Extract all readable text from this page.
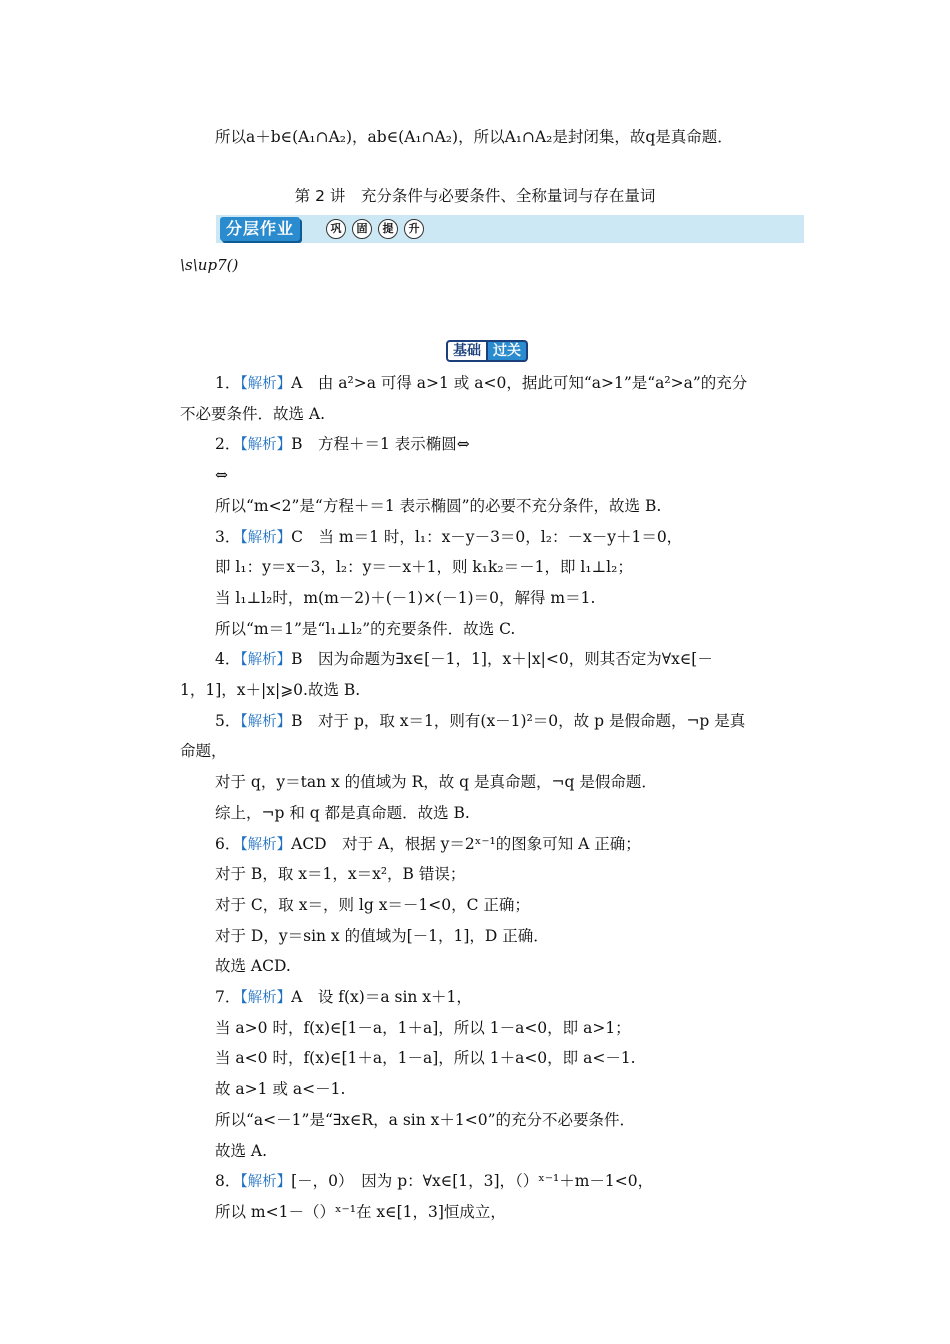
所以a＋b∈(A₁∩A₂)，ab∈(A₁∩A₂)，所以A₁∩A₂是封闭集，故q是真命题．
第 2 讲　充分条件与必要条件、全称量词与存在量词
分层作业	巩	固	提	升
\s\up7()
基础 过关
1．【解析】A　由 a²>a 可得 a>1 或 a<0，据此可知“a>1”是“a²>a”的充分
不必要条件．故选 A.
2．【解析】B　方程＋＝1 表示椭圆⇔
⇔
所以“m<2”是“方程＋＝1 表示椭圆”的必要不充分条件，故选 B.
3．【解析】C　当 m＝1 时，l₁：x－y－3＝0，l₂：－x－y＋1＝0，
即 l₁：y＝x－3，l₂：y＝－x＋1，则 k₁k₂＝－1，即 l₁⊥l₂；
当 l₁⊥l₂时，m(m－2)＋(－1)×(－1)＝0，解得 m＝1.
所以“m＝1”是“l₁⊥l₂”的充要条件．故选 C.
4．【解析】B　因为命题为∃x∈[－1，1]，x＋|x|<0，则其否定为∀x∈[－
1，1]，x＋|x|⩾0.故选 B.
5．【解析】B　对于 p，取 x＝1，则有(x－1)²＝0，故 p 是假命题，¬p 是真
命题，
对于 q，y＝tan x 的值域为 R，故 q 是真命题，¬q 是假命题．
综上，¬p 和 q 都是真命题．故选 B.
6．【解析】ACD　对于 A，根据 y＝2ˣ⁻¹的图象可知 A 正确；
对于 B，取 x＝1，x＝x²，B 错误；
对于 C，取 x＝，则 lg x＝－1<0，C 正确；
对于 D，y＝sin x 的值域为[－1，1]，D 正确．
故选 ACD.
7．【解析】A　设 f(x)＝a sin x＋1，
当 a>0 时，f(x)∈[1－a，1＋a]，所以 1－a<0，即 a>1；
当 a<0 时，f(x)∈[1＋a，1－a]，所以 1＋a<0，即 a<－1.
故 a>1 或 a<－1.
所以“a<－1”是“∃x∈R，a sin x＋1<0”的充分不必要条件．
故选 A.
8．【解析】[－，0）　因为 p：∀x∈[1，3]，（）ˣ⁻¹＋m－1<0，
所以 m<1－（）ˣ⁻¹在 x∈[1，3]恒成立，
